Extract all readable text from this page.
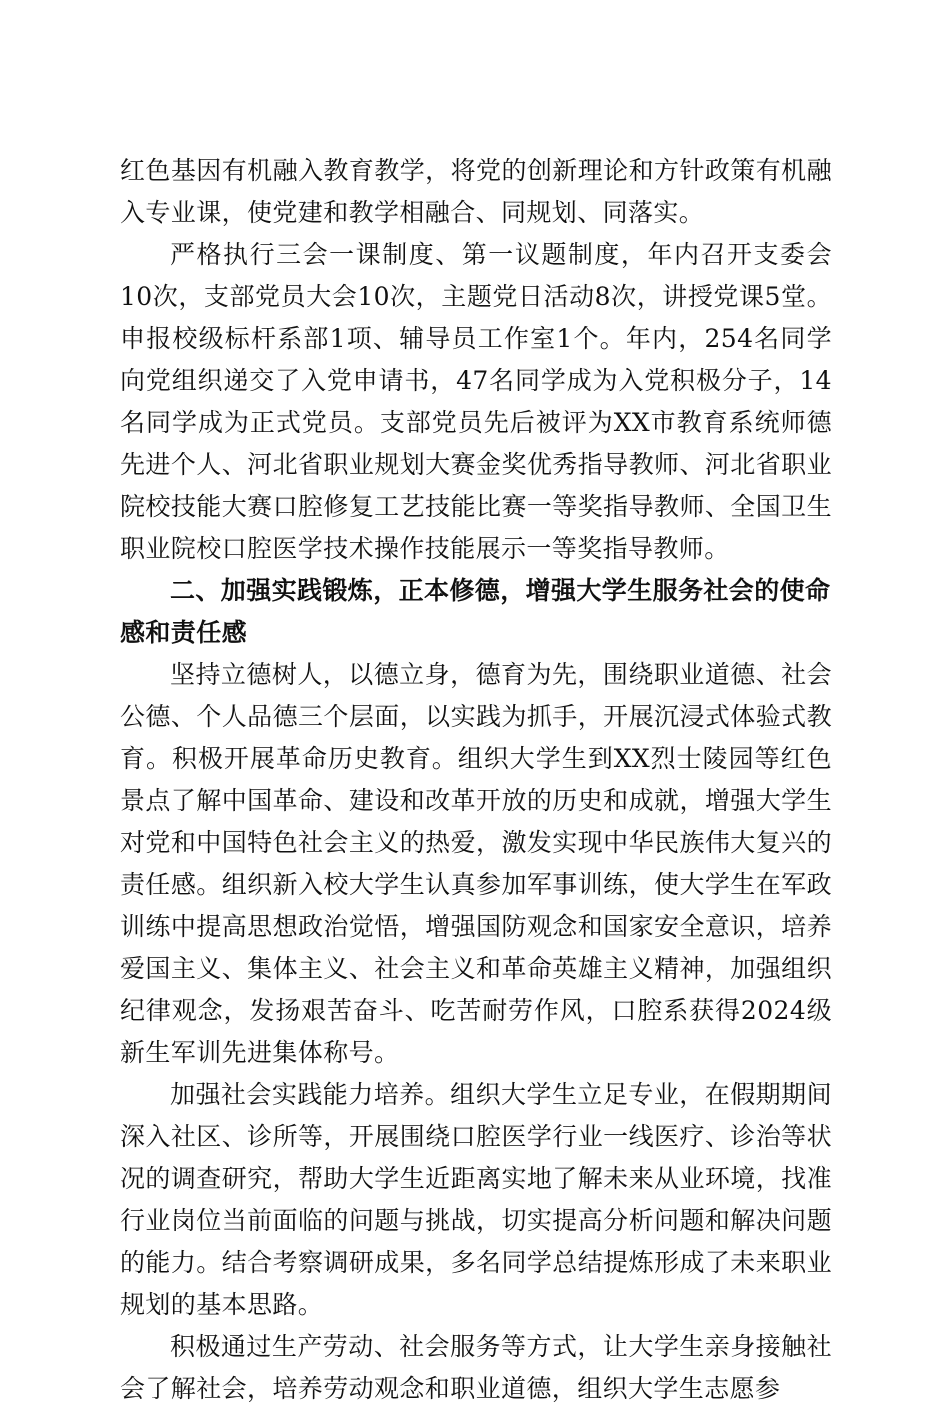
红色基因有机融入教育教学，将党的创新理论和方针政策有机融入专业课，使党建和教学相融合、同规划、同落实。

严格执行三会一课制度、第一议题制度，年内召开支委会10次，支部党员大会10次，主题党日活动8次，讲授党课5堂。申报校级标杆系部1项、辅导员工作室1个。年内，254名同学向党组织递交了入党申请书，47名同学成为入党积极分子，14名同学成为正式党员。支部党员先后被评为XX市教育系统师德先进个人、河北省职业规划大赛金奖优秀指导教师、河北省职业院校技能大赛口腔修复工艺技能比赛一等奖指导教师、全国卫生职业院校口腔医学技术操作技能展示一等奖指导教师。

二、加强实践锻炼，正本修德，增强大学生服务社会的使命感和责任感

坚持立德树人，以德立身，德育为先，围绕职业道德、社会公德、个人品德三个层面，以实践为抓手，开展沉浸式体验式教育。积极开展革命历史教育。组织大学生到XX烈士陵园等红色景点了解中国革命、建设和改革开放的历史和成就，增强大学生对党和中国特色社会主义的热爱，激发实现中华民族伟大复兴的责任感。组织新入校大学生认真参加军事训练，使大学生在军政训练中提高思想政治觉悟，增强国防观念和国家安全意识，培养爱国主义、集体主义、社会主义和革命英雄主义精神，加强组织纪律观念，发扬艰苦奋斗、吃苦耐劳作风，口腔系获得2024级新生军训先进集体称号。

加强社会实践能力培养。组织大学生立足专业，在假期期间深入社区、诊所等，开展围绕口腔医学行业一线医疗、诊治等状况的调查研究，帮助大学生近距离实地了解未来从业环境，找准行业岗位当前面临的问题与挑战，切实提高分析问题和解决问题的能力。结合考察调研成果，多名同学总结提炼形成了未来职业规划的基本思路。

积极通过生产劳动、社会服务等方式，让大学生亲身接触社会了解社会，培养劳动观念和职业道德，组织大学生志愿参
